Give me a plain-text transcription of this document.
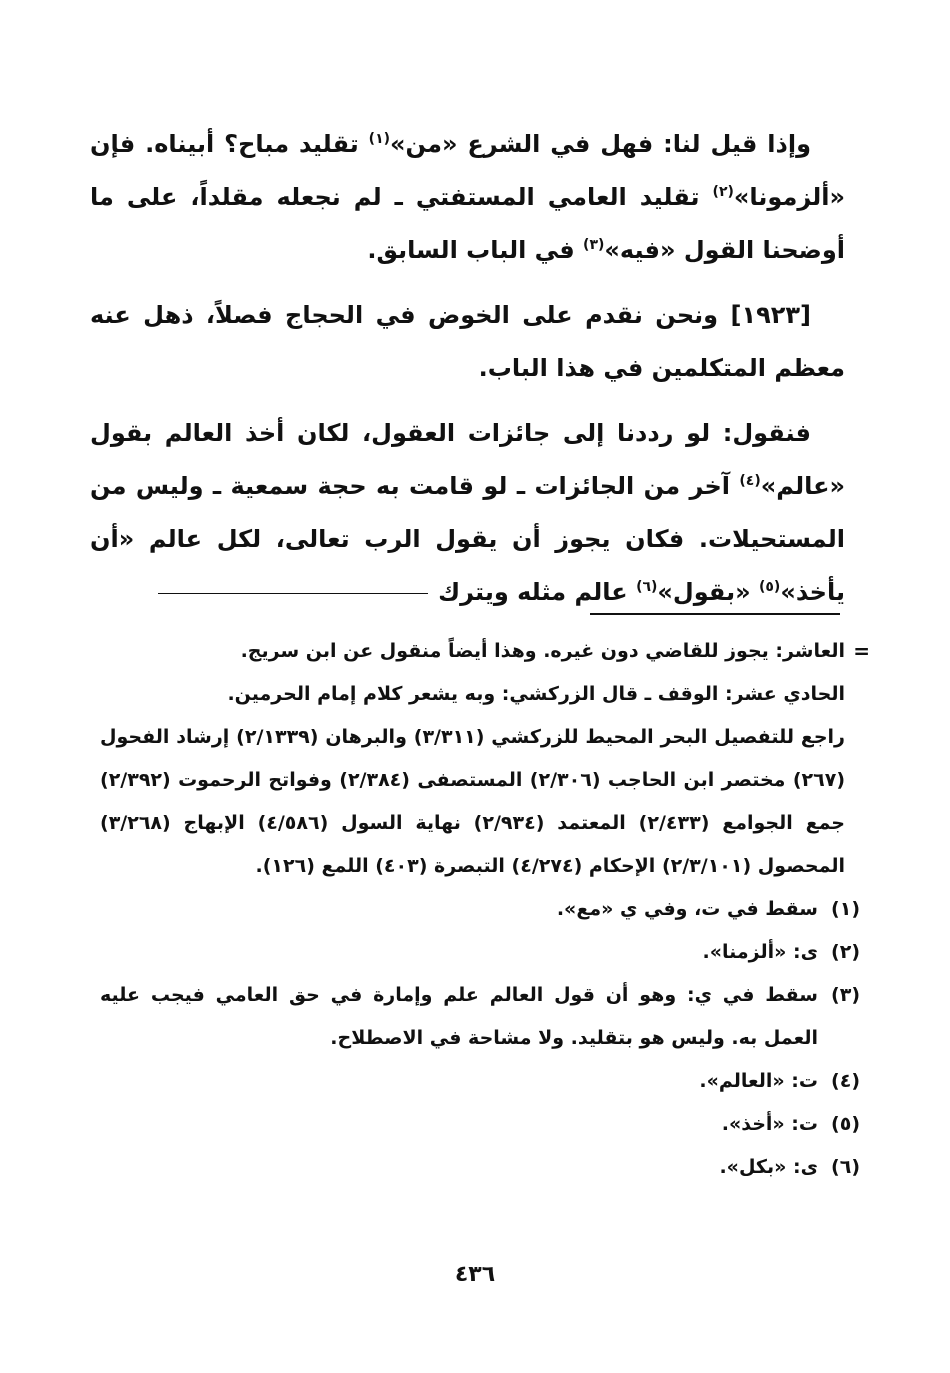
وإذا قيل لنا: فهل في الشرع «من»$^{(١)}$ تقليد مباح؟ أبيناه. فإن «ألزمونا»$^{(٢)}$ تقليد العامي المستفتي ـ لم نجعله مقلداً، على ما أوضحنا القول «فيه»$^{(٣)}$ في الباب السابق.

[١٩٢٣] ونحن نقدم على الخوض في الحجاج فصلاً، ذهل عنه معظم المتكلمين في هذا الباب.

فنقول: لو رددنا إلى جائزات العقول، لكان أخذ العالم بقول «عالم»$^{(٤)}$ آخر من الجائزات ـ لو قامت به حجة سمعية ـ وليس من المستحيلات. فكان يجوز أن يقول الرب تعالى، لكل عالم «أن يأخذ»$^{(٥)}$ «بقول»$^{(٦)}$ عالم مثله ويترك

=

العاشر: يجوز للقاضي دون غيره. وهذا أيضاً منقول عن ابن سريج.

الحادي عشر: الوقف ـ قال الزركشي: وبه يشعر كلام إمام الحرمين.

راجع للتفصيل البحر المحيط للزركشي (٣/٣١١) والبرهان (٢/١٣٣٩) إرشاد الفحول (٢٦٧) مختصر ابن الحاجب (٢/٣٠٦) المستصفى (٢/٣٨٤) وفواتح الرحموت (٢/٣٩٢) جمع الجوامع (٢/٤٣٣) المعتمد (٢/٩٣٤) نهاية السول (٤/٥٨٦) الإبهاج (٣/٢٦٨) المحصول (٢/٣/١٠١) الإحكام (٤/٢٧٤) التبصرة (٤٠٣) اللمع (١٢٦).

(١)
سقط في ت، وفي ي «مع».
(٢)
ى: «ألزمنا».
(٣)
سقط في ي: وهو أن قول العالم علم وإمارة في حق العامي فيجب عليه العمل به. وليس هو بتقليد. ولا مشاحة في الاصطلاح.
(٤)
ت: «العالم».
(٥)
ت: «أخذ».
(٦)
ى: «بكل».
٤٣٦
